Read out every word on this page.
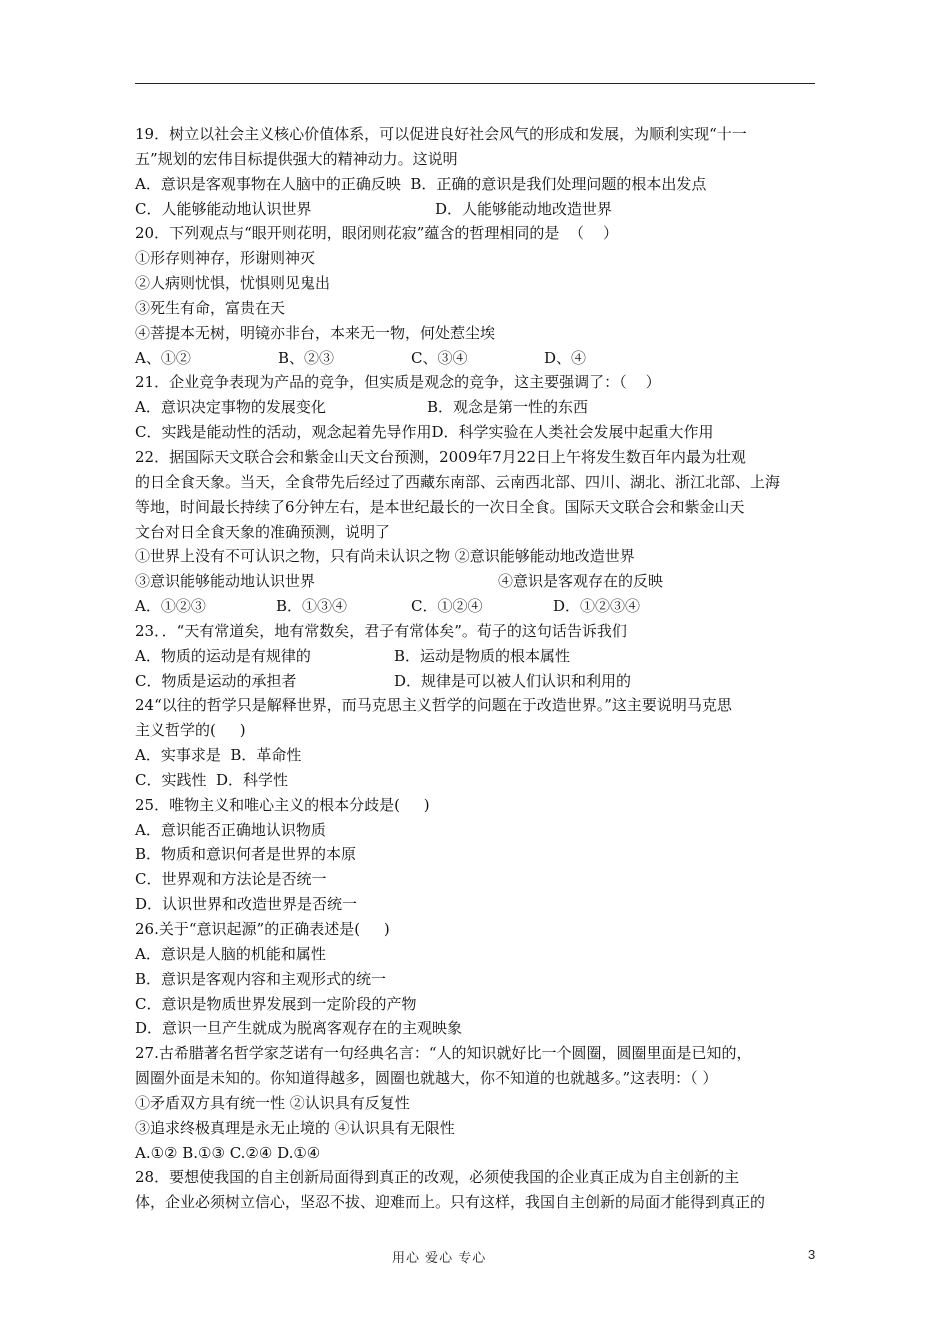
19．树立以社会主义核心价值体系，可以促进良好社会风气的形成和发展，为顺利实现“十一
五”规划的宏伟目标提供强大的精神动力。这说明
A．意识是客观事物在人脑中的正确反映  B．正确的意识是我们处理问题的根本出发点
C．人能够能动地认识世界	D．人能够能动地改造世界
20．下列观点与“眼开则花明，眼闭则花寂”蕴含的哲理相同的是  （    ）
①形存则神存，形谢则神灭
②人病则忧惧，忧惧则见鬼出
③死生有命，富贵在天
④菩提本无树，明镜亦非台，本来无一物，何处惹尘埃
A、①②	B、②③	C、③④	D、④
21．企业竞争表现为产品的竞争，但实质是观念的竞争，这主要强调了：（    ）
A．意识决定事物的发展变化	B．观念是第一性的东西
C．实践是能动性的活动，观念起着先导作用D．科学实验在人类社会发展中起重大作用
22．据国际天文联合会和紫金山天文台预测，2009年7月22日上午将发生数百年内最为壮观
的日全食天象。当天，全食带先后经过了西藏东南部、云南西北部、四川、湖北、浙江北部、上海
等地，时间最长持续了6分钟左右，是本世纪最长的一次日全食。国际天文联合会和紫金山天
文台对日全食天象的准确预测，说明了
①世界上没有不可认识之物，只有尚未认识之物 ②意识能够能动地改造世界
③意识能够能动地认识世界	④意识是客观存在的反映
A．①②③	B．①③④	C．①②④	D．①②③④
23．．“天有常道矣，地有常数矣，君子有常体矣”。荀子的这句话告诉我们
A．物质的运动是有规律的	B．运动是物质的根本属性
C．物质是运动的承担者	D．规律是可以被人们认识和利用的
24“以往的哲学只是解释世界，而马克思主义哲学的问题在于改造世界。”这主要说明马克思
主义哲学的(     )
A．实事求是  B．革命性
C．实践性  D．科学性
25．唯物主义和唯心主义的根本分歧是(     )
A．意识能否正确地认识物质
B．物质和意识何者是世界的本原
C．世界观和方法论是否统一
D．认识世界和改造世界是否统一
26.关于“意识起源”的正确表述是(     )
A．意识是人脑的机能和属性
B．意识是客观内容和主观形式的统一
C．意识是物质世界发展到一定阶段的产物
D．意识一旦产生就成为脱离客观存在的主观映象
27.古希腊著名哲学家芝诺有一句经典名言：“人的知识就好比一个圆圈，圆圈里面是已知的，
圆圈外面是未知的。你知道得越多，圆圈也就越大，你不知道的也就越多。”这表明：（ ）
①矛盾双方具有统一性 ②认识具有反复性
③追求终极真理是永无止境的 ④认识具有无限性
A.①② B.①③ C.②④ D.①④
28．要想使我国的自主创新局面得到真正的改观，必须使我国的企业真正成为自主创新的主
体，企业必须树立信心，坚忍不拔、迎难而上。只有这样，我国自主创新的局面才能得到真正的
用心 爱心 专心	3
